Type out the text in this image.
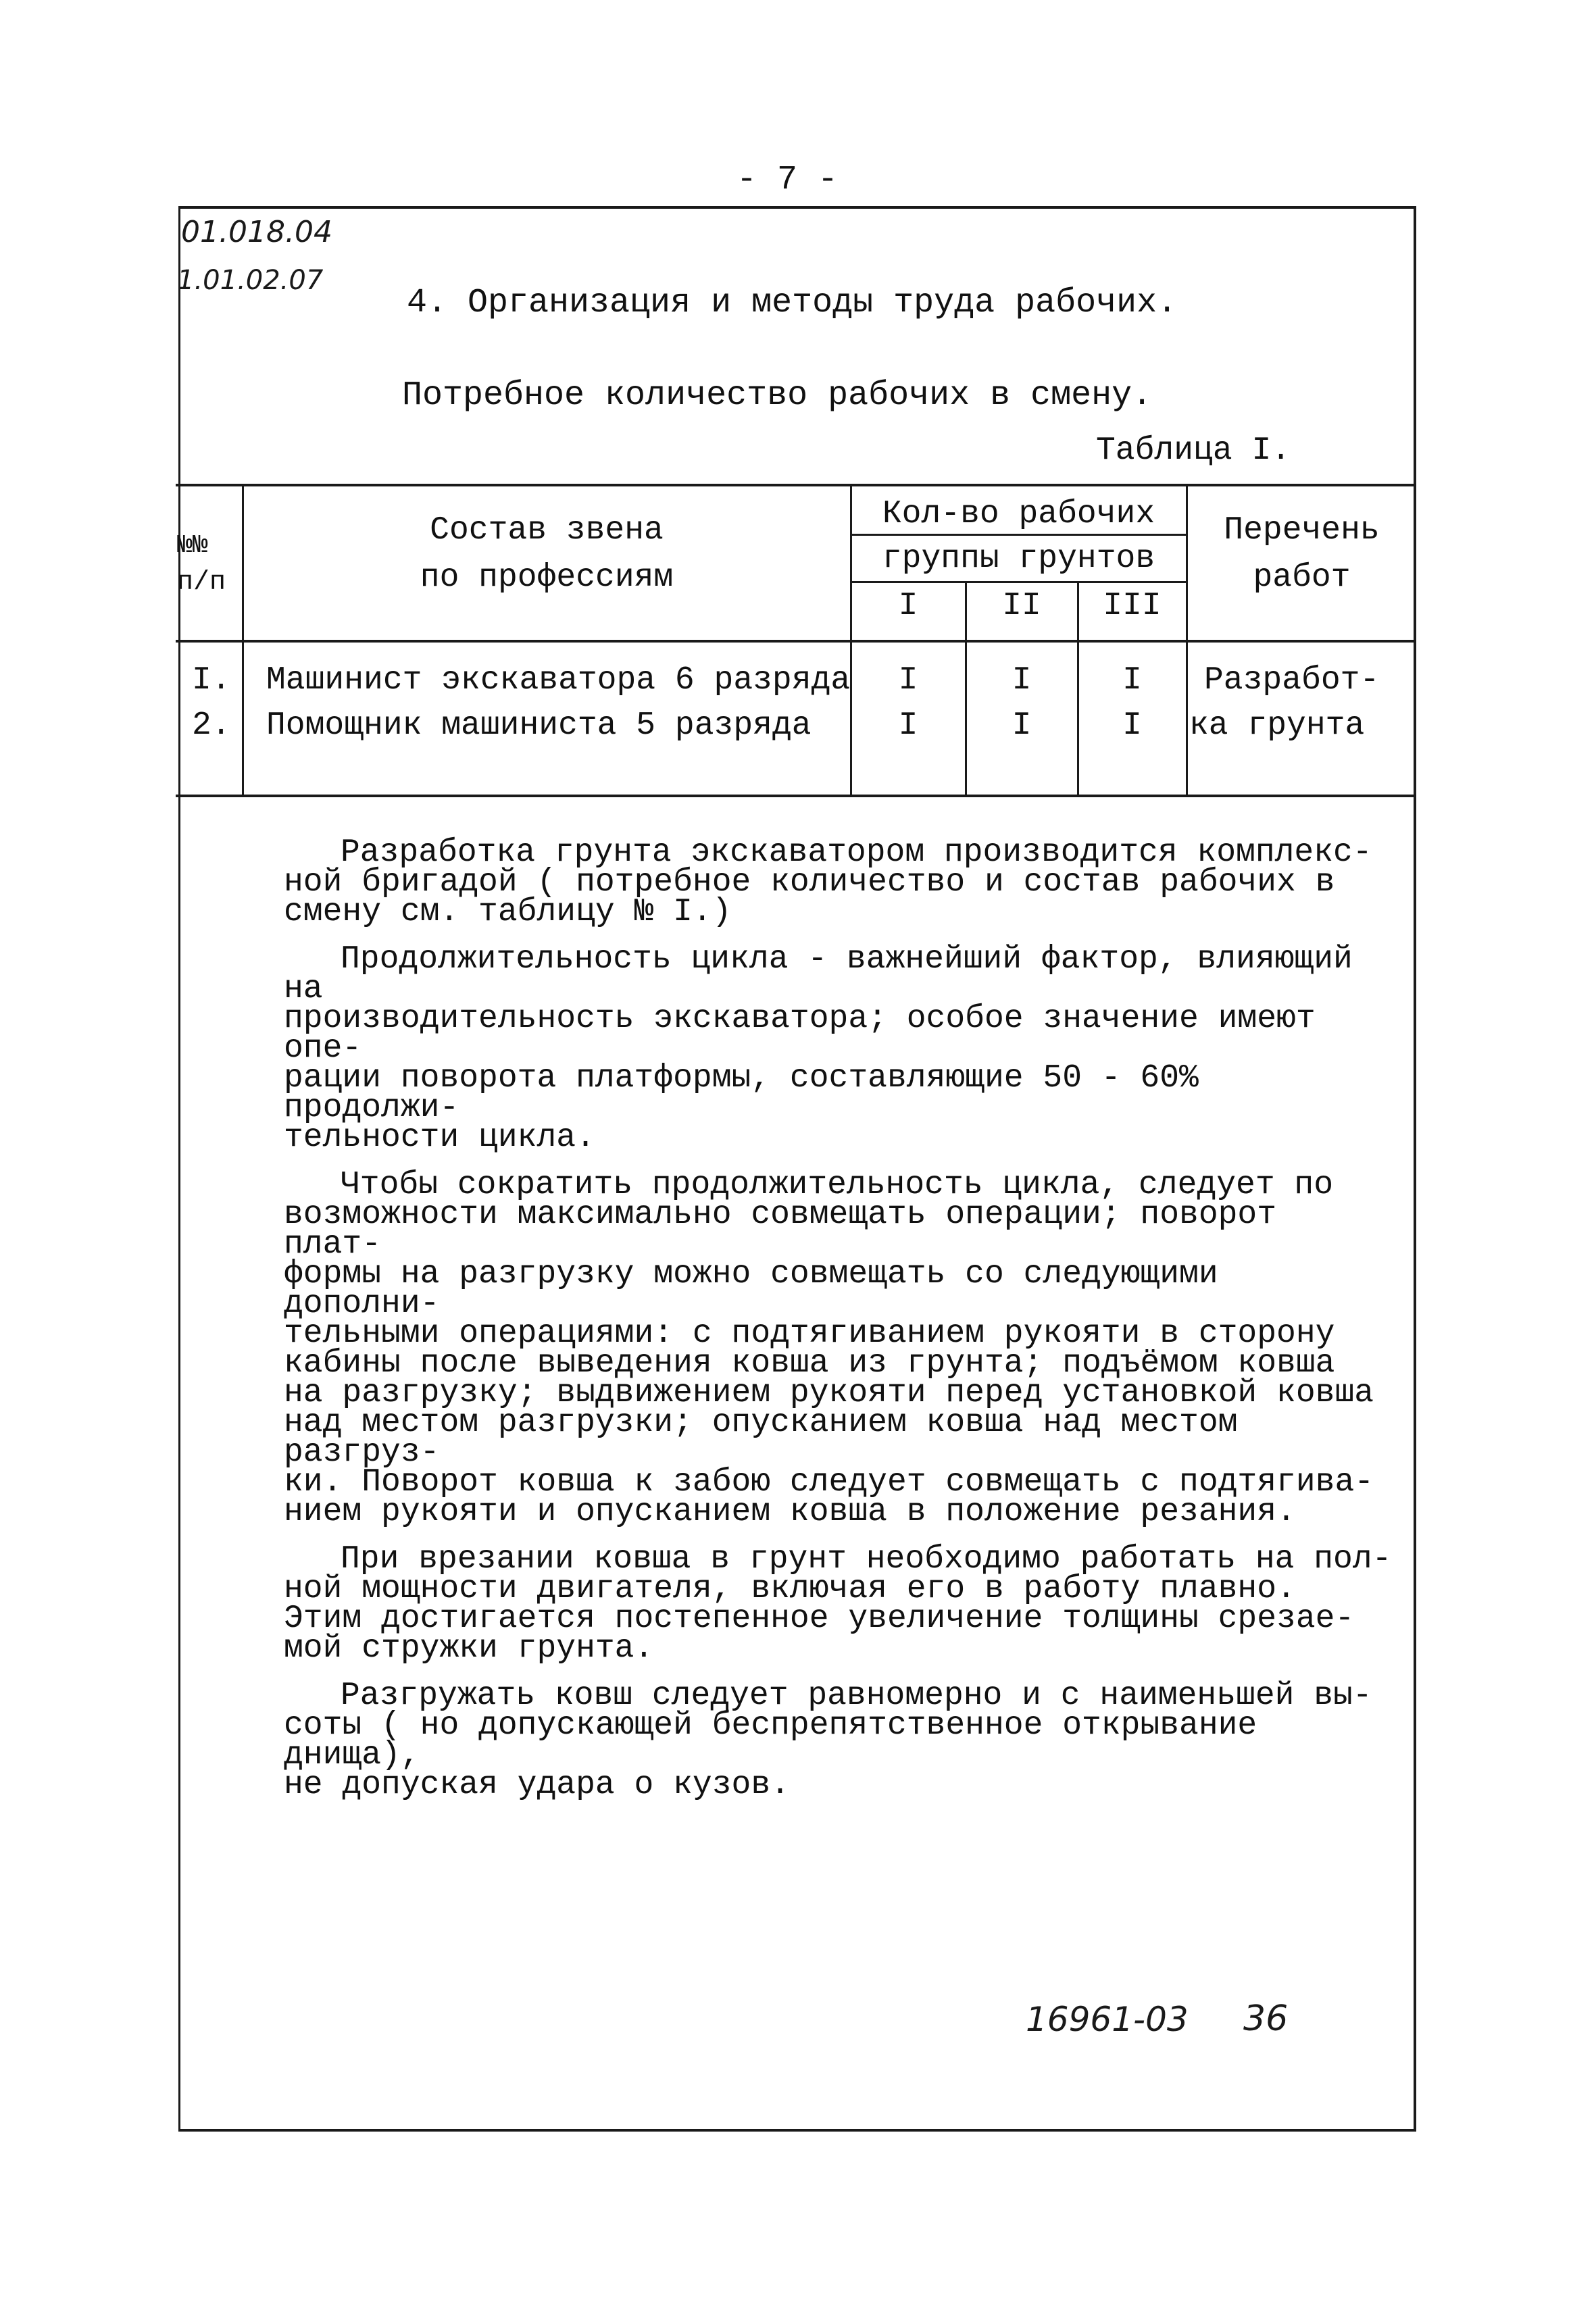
- 7 -
01.018.04
1.01.02.07
4. Организация и методы труда рабочих.
Потребное количество рабочих в смену.
Таблица I.
№№
п/п
Состав звена
по профессиям
Кол-во рабочих
группы грунтов
I	II	III
Перечень
работ
I. Машинист экскаватора 6 разряда	I	I	I	Разработ-
2. Помощник машиниста 5 разряда	I	I	I	ка грунта

Разработка грунта экскаватором производится комплекс-
ной бригадой ( потребное количество и состав рабочих в
смену см. таблицу № I.)

Продолжительность цикла - важнейший фактор, влияющий на
производительность экскаватора; особое значение имеют опе-
рации поворота платформы, составляющие 50 - 60% продолжи-
тельности цикла.

Чтобы сократить продолжительность цикла, следует по
возможности максимально совмещать операции; поворот плат-
формы на разгрузку можно совмещать со следующими дополни-
тельными операциями: с подтягиванием рукояти в сторону
кабины после выведения ковша из грунта; подъёмом ковша
на разгрузку; выдвижением рукояти перед установкой ковша
над местом разгрузки; опусканием ковша над местом разгруз-
ки. Поворот ковша к забою следует совмещать с подтягива-
нием рукояти и опусканием ковша в положение резания.

При врезании ковша в грунт необходимо работать на пол-
ной мощности двигателя, включая его в работу плавно.
Этим достигается постепенное увеличение толщины срезае-
мой стружки грунта.

Разгружать ковш следует равномерно и с наименьшей вы-
соты ( но допускающей беспрепятственное открывание днища),
не допуская удара о кузов.

16961-03 36
